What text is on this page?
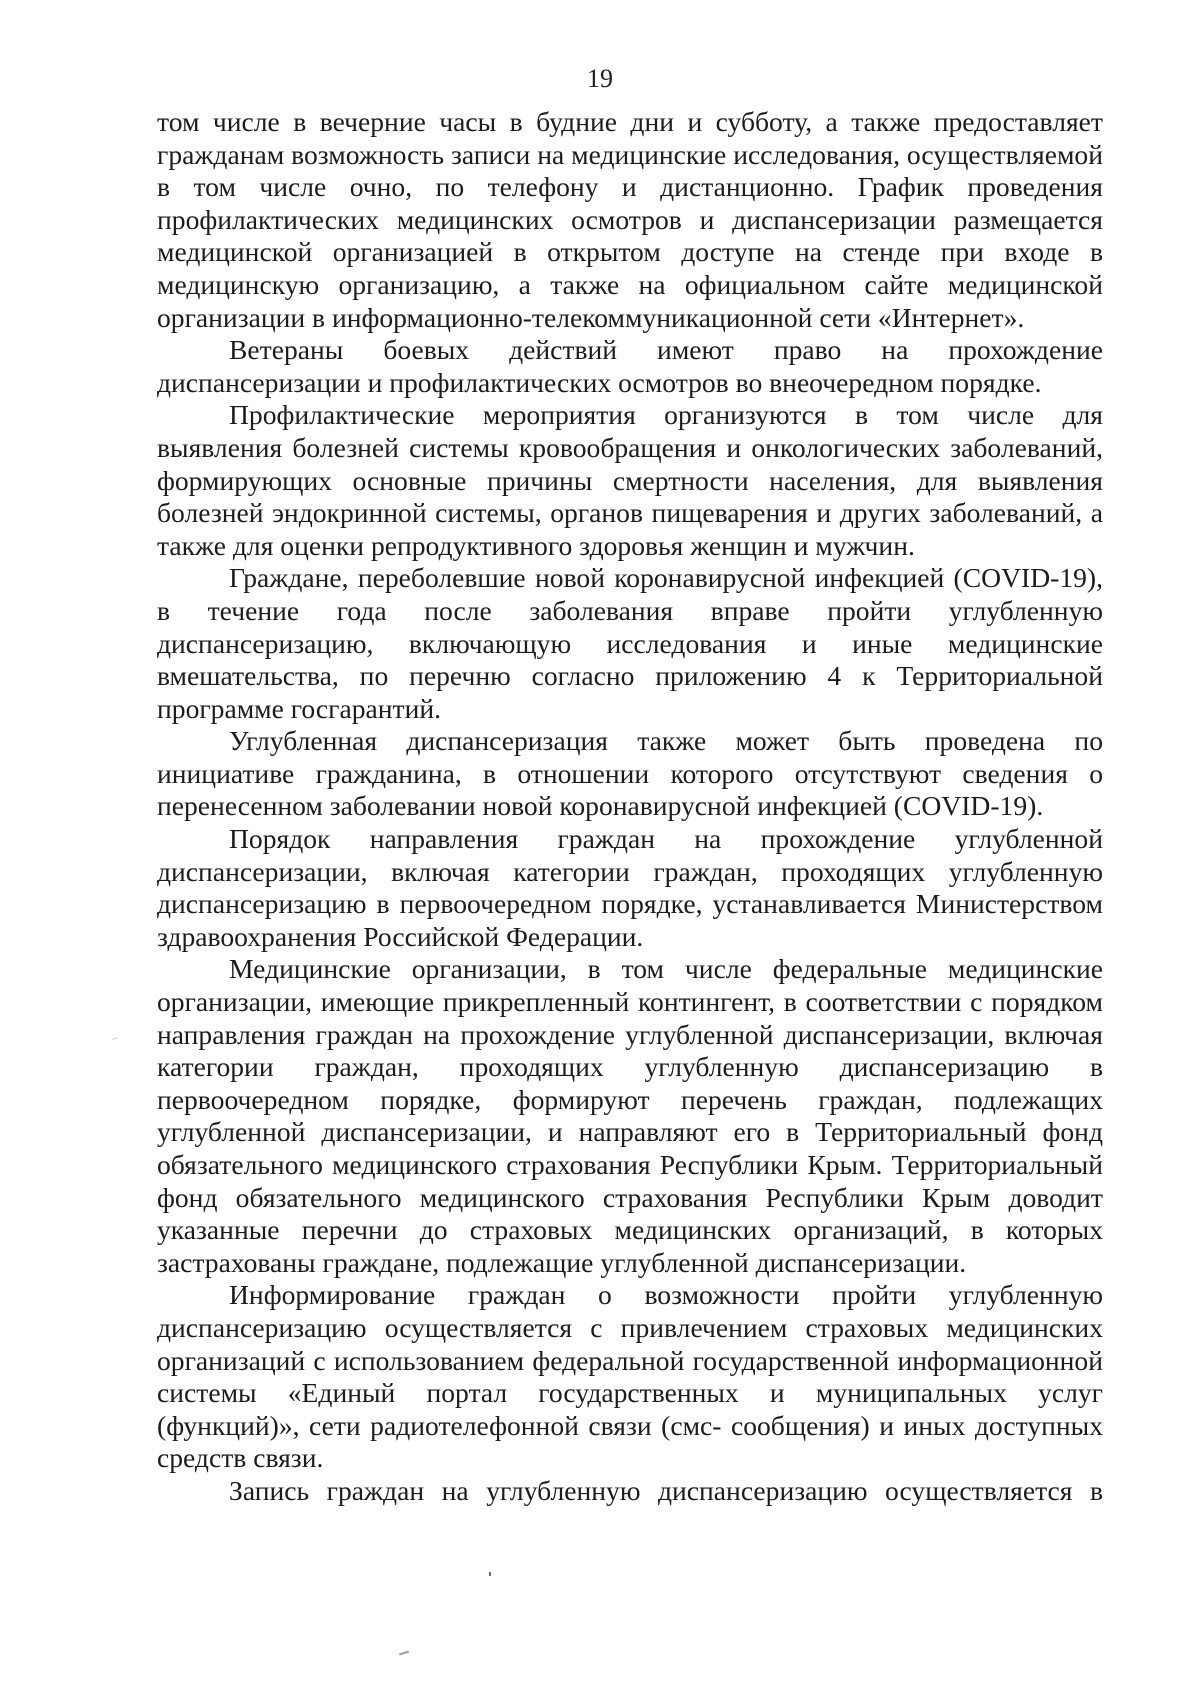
19

том числе в вечерние часы в будние дни и субботу, а также предоставляет гражданам возможность записи на медицинские исследования, осуществляемой в том числе очно, по телефону и дистанционно. График проведения профилактических медицинских осмотров и диспансеризации размещается медицинской организацией в открытом доступе на стенде при входе в медицинскую организацию, а также на официальном сайте медицинской организации в информационно-телекоммуникационной сети «Интернет».

Ветераны боевых действий имеют право на прохождение диспансеризации и профилактических осмотров во внеочередном порядке.

Профилактические мероприятия организуются в том числе для выявления болезней системы кровообращения и онкологических заболеваний, формирующих основные причины смертности населения, для выявления болезней эндокринной системы, органов пищеварения и других заболеваний, а также для оценки репродуктивного здоровья женщин и мужчин.

Граждане, переболевшие новой коронавирусной инфекцией (COVID-19), в течение года после заболевания вправе пройти углубленную диспансеризацию, включающую исследования и иные медицинские вмешательства, по перечню согласно приложению 4 к Территориальной программе госгарантий.

Углубленная диспансеризация также может быть проведена по инициативе гражданина, в отношении которого отсутствуют сведения о перенесенном заболевании новой коронавирусной инфекцией (COVID-19).

Порядок направления граждан на прохождение углубленной диспансеризации, включая категории граждан, проходящих углубленную диспансеризацию в первоочередном порядке, устанавливается Министерством здравоохранения Российской Федерации.

Медицинские организации, в том числе федеральные медицинские организации, имеющие прикрепленный контингент, в соответствии с порядком направления граждан на прохождение углубленной диспансеризации, включая категории граждан, проходящих углубленную диспансеризацию в первоочередном порядке, формируют перечень граждан, подлежащих углубленной диспансеризации, и направляют его в Территориальный фонд обязательного медицинского страхования Республики Крым. Территориальный фонд обязательного медицинского страхования Республики Крым доводит указанные перечни до страховых медицинских организаций, в которых застрахованы граждане, подлежащие углубленной диспансеризации.

Информирование граждан о возможности пройти углубленную диспансеризацию осуществляется с привлечением страховых медицинских организаций с использованием федеральной государственной информационной системы «Единый портал государственных и муниципальных услуг (функций)», сети радиотелефонной связи (смс- сообщения) и иных доступных средств связи.

Запись граждан на углубленную диспансеризацию осуществляется в
